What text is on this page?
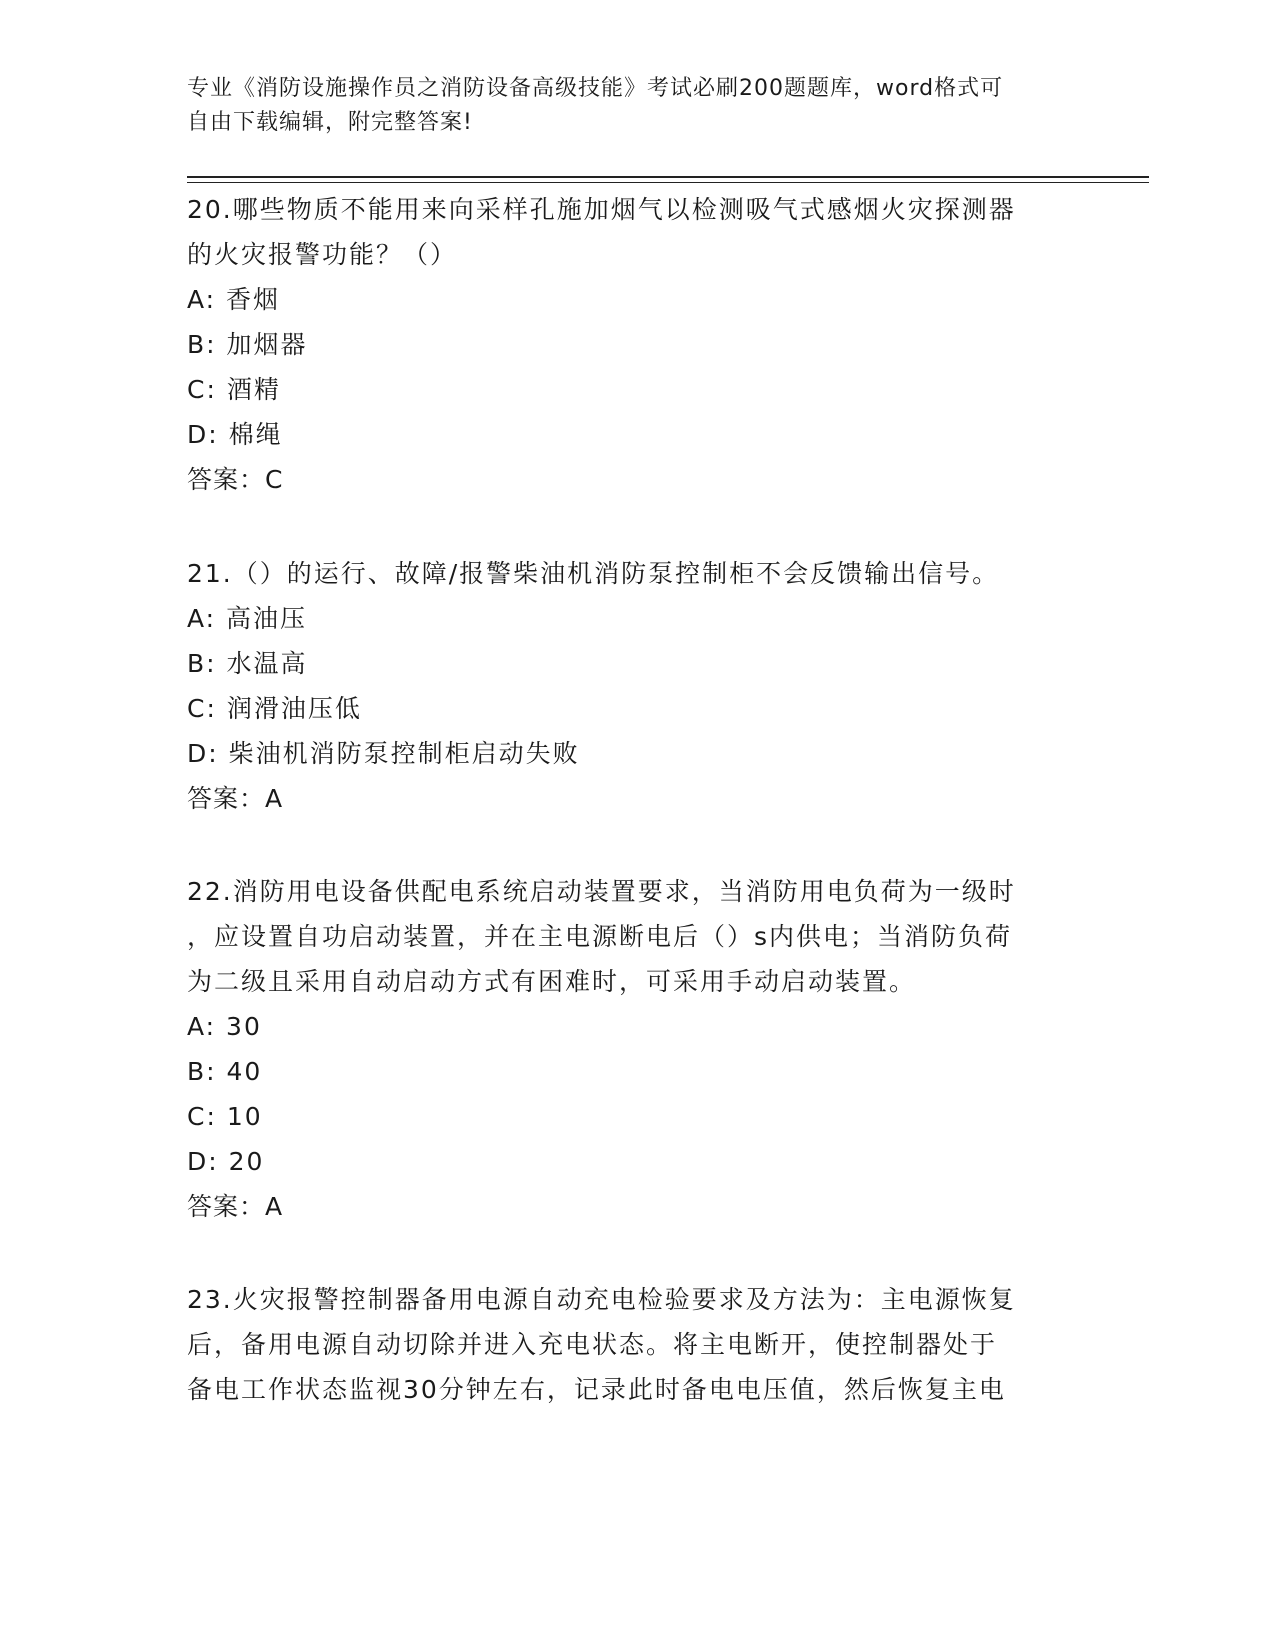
专业《消防设施操作员之消防设备高级技能》考试必刷200题题库，word格式可
自由下载编辑，附完整答案!
20.哪些物质不能用来向采样孔施加烟气以检测吸气式感烟火灾探测器
的火灾报警功能？（）
A: 香烟
B: 加烟器
C: 酒精
D: 棉绳
答案：C
21.（）的运行、故障/报警柴油机消防泵控制柜不会反馈输出信号。
A: 高油压
B: 水温高
C: 润滑油压低
D: 柴油机消防泵控制柜启动失败
答案：A
22.消防用电设备供配电系统启动装置要求，当消防用电负荷为一级时
，应设置自功启动装置，并在主电源断电后（）s内供电；当消防负荷
为二级且采用自动启动方式有困难时，可采用手动启动装置。
A: 30
B: 40
C: 10
D: 20
答案：A
23.火灾报警控制器备用电源自动充电检验要求及方法为：主电源恢复
后，备用电源自动切除并进入充电状态。将主电断开，使控制器处于
备电工作状态监视30分钟左右，记录此时备电电压值，然后恢复主电
